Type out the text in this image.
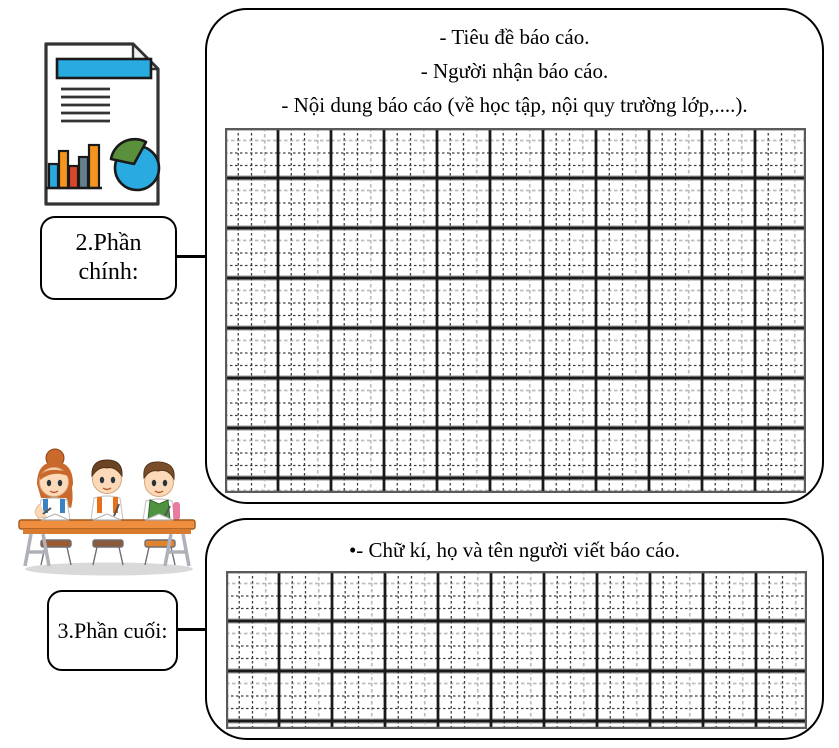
2.Phần
chính:
- Tiêu đề báo cáo.
- Người nhận báo cáo.
- Nội dung báo cáo (về học tập, nội quy trường lớp,....).
3.Phần cuối:
•- Chữ kí, họ và tên người viết báo cáo.
